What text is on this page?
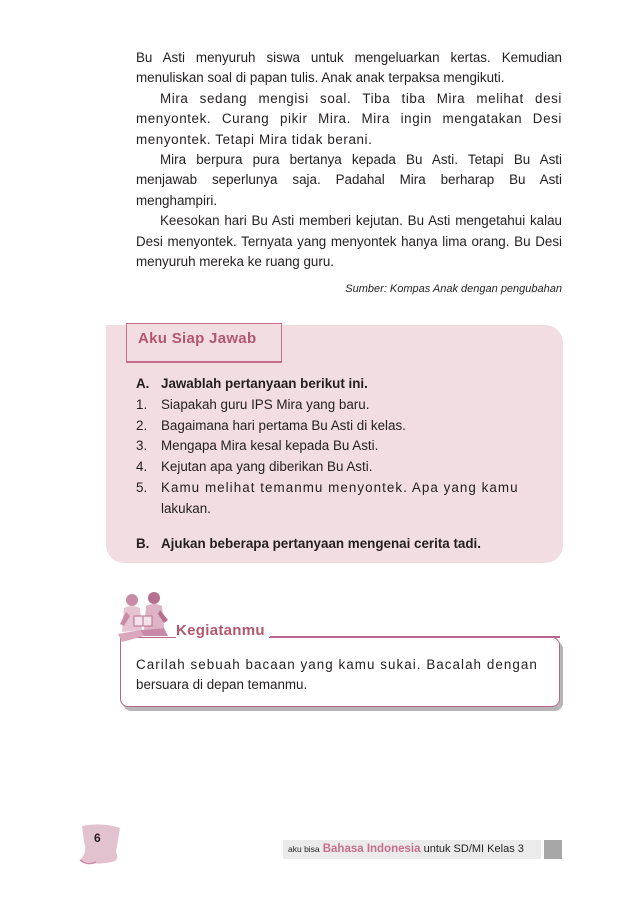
Bu Asti menyuruh siswa untuk mengeluarkan kertas. Kemudian menuliskan soal di papan tulis. Anak anak terpaksa mengikuti.

Mira sedang mengisi soal. Tiba tiba Mira melihat desi menyontek. Curang pikir Mira. Mira ingin mengatakan Desi menyontek. Tetapi Mira tidak berani.

Mira berpura pura bertanya kepada Bu Asti. Tetapi Bu Asti menjawab seperlunya saja. Padahal Mira berharap Bu Asti menghampiri.

Keesokan hari Bu Asti memberi kejutan. Bu Asti mengetahui kalau Desi menyontek. Ternyata yang menyontek hanya lima orang. Bu Desi menyuruh mereka ke ruang guru.

Sumber: Kompas Anak dengan pengubahan
Aku Siap Jawab
A. Jawablah pertanyaan berikut ini.
1. Siapakah guru IPS Mira yang baru.
2. Bagaimana hari pertama Bu Asti di kelas.
3. Mengapa Mira kesal kepada Bu Asti.
4. Kejutan apa yang diberikan Bu Asti.
5. Kamu melihat temanmu menyontek. Apa yang kamu
lakukan.
B. Ajukan beberapa pertanyaan mengenai cerita tadi.
Kegiatanmu
Carilah sebuah bacaan yang kamu sukai. Bacalah dengan
bersuara di depan temanmu.
6
aku bisa Bahasa Indonesia untuk SD/MI Kelas 3
